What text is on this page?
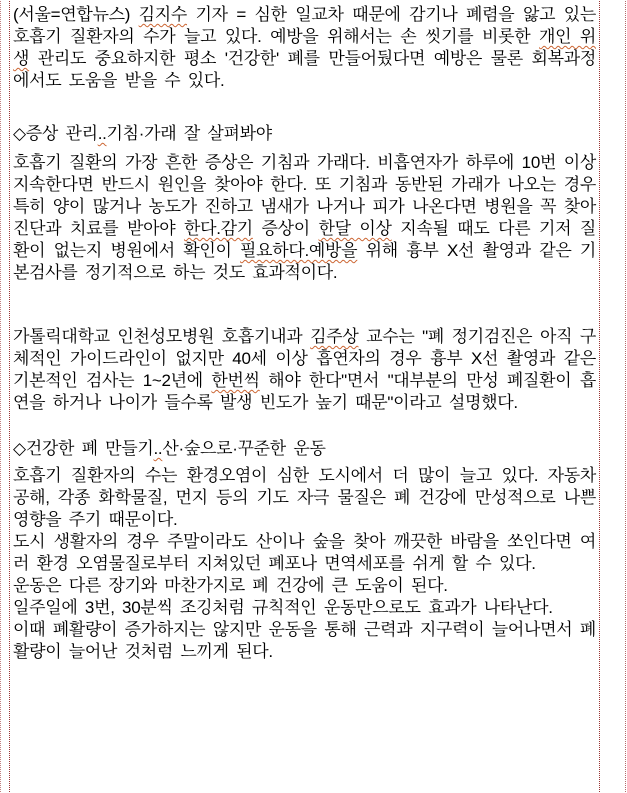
(서울=연합뉴스) 김지수 기자 = 심한 일교차 때문에 감기나 폐렴을 앓고 있는 호흡기 질환자의 수가 늘고 있다. 예방을 위해서는 손 씻기를 비롯한 개인 위생 관리도 중요하지한 평소 '건강한' 폐를 만들어뒀다면 예방은 물론 회복과정에서도 도움을 받을 수 있다.

◇증상 관리..기침·가래 잘 살펴봐야

호흡기 질환의 가장 흔한 증상은 기침과 가래다. 비흡연자가 하루에 10번 이상 지속한다면 반드시 원인을 찾아야 한다. 또 기침과 동반된 가래가 나오는 경우 특히 양이 많거나 농도가 진하고 냄새가 나거나 피가 나온다면 병원을 꼭 찾아 진단과 치료를 받아야 한다.감기 증상이 한달 이상 지속될 때도 다른 기저 질환이 없는지 병원에서 확인이 필요하다.예방을 위해 흉부 X선 촬영과 같은 기본검사를 정기적으로 하는 것도 효과적이다.

가톨릭대학교 인천성모병원 호흡기내과 김주상 교수는 "폐 정기검진은 아직 구체적인 가이드라인이 없지만 40세 이상 흡연자의 경우 흉부 X선 촬영과 같은 기본적인 검사는 1~2년에 한번씩 해야 한다"면서 "대부분의 만성 폐질환이 흡연을 하거나 나이가 들수록 발생 빈도가 높기 때문"이라고 설명했다.

◇건강한 폐 만들기..산·숲으로·꾸준한 운동

호흡기 질환자의 수는 환경오염이 심한 도시에서 더 많이 늘고 있다. 자동차 공해, 각종 화학물질, 먼지 등의 기도 자극 물질은 폐 건강에 만성적으로 나쁜 영향을 주기 때문이다.

도시 생활자의 경우 주말이라도 산이나 숲을 찾아 깨끗한 바람을 쏘인다면 여러 환경 오염물질로부터 지쳐있던 폐포나 면역세포를 쉬게 할 수 있다.

운동은 다른 장기와 마찬가지로 폐 건강에 큰 도움이 된다.

일주일에 3번, 30분씩 조깅처럼 규칙적인 운동만으로도 효과가 나타난다.

이때 폐활량이 증가하지는 않지만 운동을 통해 근력과 지구력이 늘어나면서 폐활량이 늘어난 것처럼 느끼게 된다.
